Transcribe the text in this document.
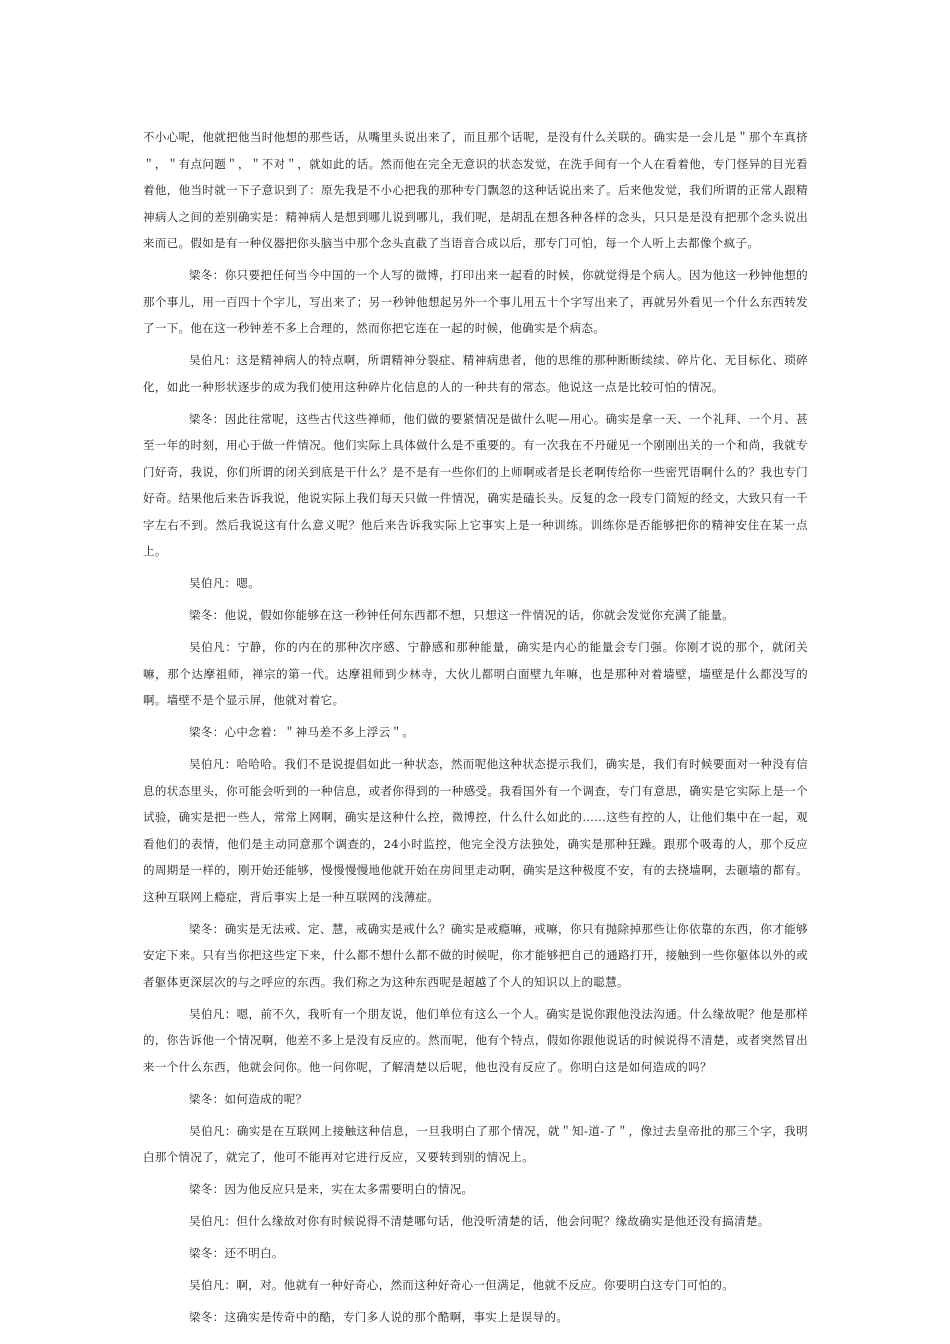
不小心呢，他就把他当时他想的那些话，从嘴里头说出来了，而且那个话呢，是没有什么关联的。确实是一会儿是＂那个车真挤＂，＂有点问题＂，＂不对＂，就如此的话。然而他在完全无意识的状态发觉，在洗手间有一个人在看着他，专门怪异的目光看着他，他当时就一下子意识到了：原先我是不小心把我的那种专门飘忽的这种话说出来了。后来他发觉，我们所谓的正常人跟精神病人之间的差别确实是：精神病人是想到哪儿说到哪儿，我们呢，是胡乱在想各种各样的念头，只只是是没有把那个念头说出来而已。假如是有一种仪器把你头脑当中那个念头直截了当语音合成以后，那专门可怕，每一个人听上去都像个疯子。

梁冬：你只要把任何当今中国的一个人写的微博，打印出来一起看的时候，你就觉得是个病人。因为他这一秒钟他想的那个事儿，用一百四十个字儿，写出来了；另一秒钟他想起另外一个事儿用五十个字写出来了，再就另外看见一个什么东西转发了一下。他在这一秒钟差不多上合理的，然而你把它连在一起的时候，他确实是个病态。

吴伯凡：这是精神病人的特点啊，所谓精神分裂症、精神病患者，他的思维的那种断断续续、碎片化、无目标化、琐碎化，如此一种形状逐步的成为我们使用这种碎片化信息的人的一种共有的常态。他说这一点是比较可怕的情况。

梁冬：因此往常呢，这些古代这些禅师，他们做的要紧情况是做什么呢—用心。确实是拿一天、一个礼拜、一个月、甚至一年的时刻，用心于做一件情况。他们实际上具体做什么是不重要的。有一次我在不丹碰见一个刚刚出关的一个和尚，我就专门好奇，我说，你们所谓的闭关到底是干什么？是不是有一些你们的上师啊或者是长老啊传给你一些密咒语啊什么的？我也专门好奇。结果他后来告诉我说，他说实际上我们每天只做一件情况，确实是磕长头。反复的念一段专门简短的经文，大致只有一千字左右不到。然后我说这有什么意义呢？他后来告诉我实际上它事实上是一种训练。训练你是否能够把你的精神安住在某一点上。

吴伯凡：嗯。

梁冬：他说，假如你能够在这一秒钟任何东西都不想，只想这一件情况的话，你就会发觉你充满了能量。

吴伯凡：宁静，你的内在的那种次序感、宁静感和那种能量，确实是内心的能量会专门强。你刚才说的那个，就闭关嘛，那个达摩祖师，禅宗的第一代。达摩祖师到少林寺，大伙儿都明白面壁九年嘛，也是那种对着墙壁，墙壁是什么都没写的啊。墙壁不是个显示屏，他就对着它。

梁冬：心中念着：＂神马差不多上浮云＂。

吴伯凡：哈哈哈。我们不是说提倡如此一种状态，然而呢他这种状态提示我们，确实是，我们有时候要面对一种没有信息的状态里头，你可能会听到的一种信息，或者你得到的一种感受。我看国外有一个调查，专门有意思，确实是它实际上是一个试验，确实是把一些人，常常上网啊，确实是这种什么控，微博控，什么什么如此的……这些有控的人，让他们集中在一起，观看他们的表情，他们是主动同意那个调查的，24小时监控，他完全没方法独处，确实是那种狂躁。跟那个吸毒的人，那个反应的周期是一样的，刚开始还能够，慢慢慢慢地他就开始在房间里走动啊，确实是这种极度不安，有的去挠墙啊，去砸墙的都有。这种互联网上瘾症，背后事实上是一种互联网的浅薄症。

梁冬：确实是无法戒、定、慧，戒确实是戒什么？确实是戒瘾嘛，戒嘛，你只有抛除掉那些让你依靠的东西，你才能够安定下来。只有当你把这些定下来，什么都不想什么都不做的时候呢，你才能够把自己的通路打开，接触到一些你躯体以外的或者躯体更深层次的与之呼应的东西。我们称之为这种东西呢是超越了个人的知识以上的聪慧。

吴伯凡：嗯，前不久，我听有一个朋友说，他们单位有这么一个人。确实是说你跟他没法沟通。什么缘故呢？他是那样的，你告诉他一个情况啊，他差不多上是没有反应的。然而呢，他有个特点，假如你跟他说话的时候说得不清楚，或者突然冒出来一个什么东西，他就会问你。他一问你呢，了解清楚以后呢，他也没有反应了。你明白这是如何造成的吗？

梁冬：如何造成的呢？

吴伯凡：确实是在互联网上接触这种信息，一旦我明白了那个情况，就＂知-道-了＂，像过去皇帝批的那三个字，我明白那个情况了，就完了，他可不能再对它进行反应，又要转到别的情况上。

梁冬：因为他反应只是来，实在太多需要明白的情况。

吴伯凡：但什么缘故对你有时候说得不清楚哪句话，他没听清楚的话，他会问呢？缘故确实是他还没有搞清楚。

梁冬：还不明白。

吴伯凡：啊，对。他就有一种好奇心，然而这种好奇心一但满足，他就不反应。你要明白这专门可怕的。

梁冬：这确实是传奇中的酷，专门多人说的那个酷啊，事实上是误导的。
